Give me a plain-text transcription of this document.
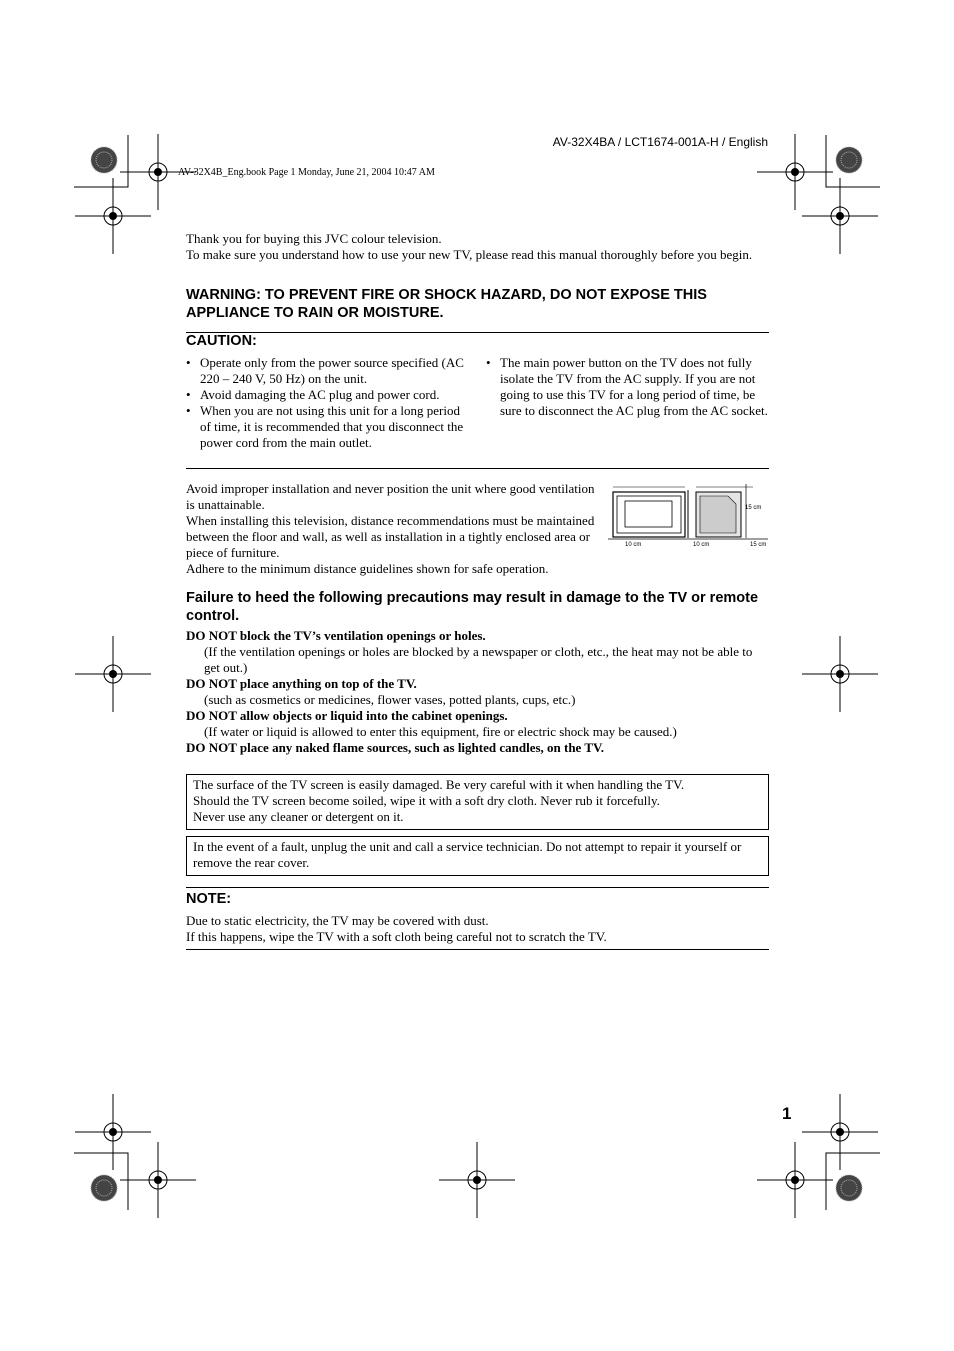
AV-32X4BA / LCT1674-001A-H / English
AV-32X4B_Eng.book Page 1 Monday, June 21, 2004 10:47 AM

Thank you for buying this JVC colour television.

To make sure you understand how to use your new TV, please read this manual thoroughly before you begin.

WARNING: TO PREVENT FIRE OR SHOCK HAZARD, DO NOT EXPOSE THIS APPLIANCE TO RAIN OR MOISTURE.
CAUTION:
• Operate only from the power source specified (AC 220 – 240 V, 50 Hz) on the unit.
• Avoid damaging the AC plug and power cord.
• When you are not using this unit for a long period of time, it is recommended that you disconnect the power cord from the main outlet.
• The main power button on the TV does not fully isolate the TV from the AC supply. If you are not going to use this TV for a long period of time, be sure to disconnect the AC plug from the AC socket.

Avoid improper installation and never position the unit where good ventilation is unattainable.
When installing this television, distance recommendations must be maintained between the floor and wall, as well as installation in a tightly enclosed area or piece of furniture.
Adhere to the minimum distance guidelines shown for safe operation.

15 cm
10 cm	10 cm	15 cm
Failure to heed the following precautions may result in damage to the TV or remote control.

DO NOT block the TV’s ventilation openings or holes.

(If the ventilation openings or holes are blocked by a newspaper or cloth, etc., the heat may not be able to get out.)

DO NOT place anything on top of the TV.

(such as cosmetics or medicines, flower vases, potted plants, cups, etc.)

DO NOT allow objects or liquid into the cabinet openings.

(If water or liquid is allowed to enter this equipment, fire or electric shock may be caused.)

DO NOT place any naked flame sources, such as lighted candles, on the TV.

The surface of the TV screen is easily damaged. Be very careful with it when handling the TV.

Should the TV screen become soiled, wipe it with a soft dry cloth. Never rub it forcefully.

Never use any cleaner or detergent on it.

In the event of a fault, unplug the unit and call a service technician. Do not attempt to repair it yourself or remove the rear cover.

NOTE:

Due to static electricity, the TV may be covered with dust.

If this happens, wipe the TV with a soft cloth being careful not to scratch the TV.

1
